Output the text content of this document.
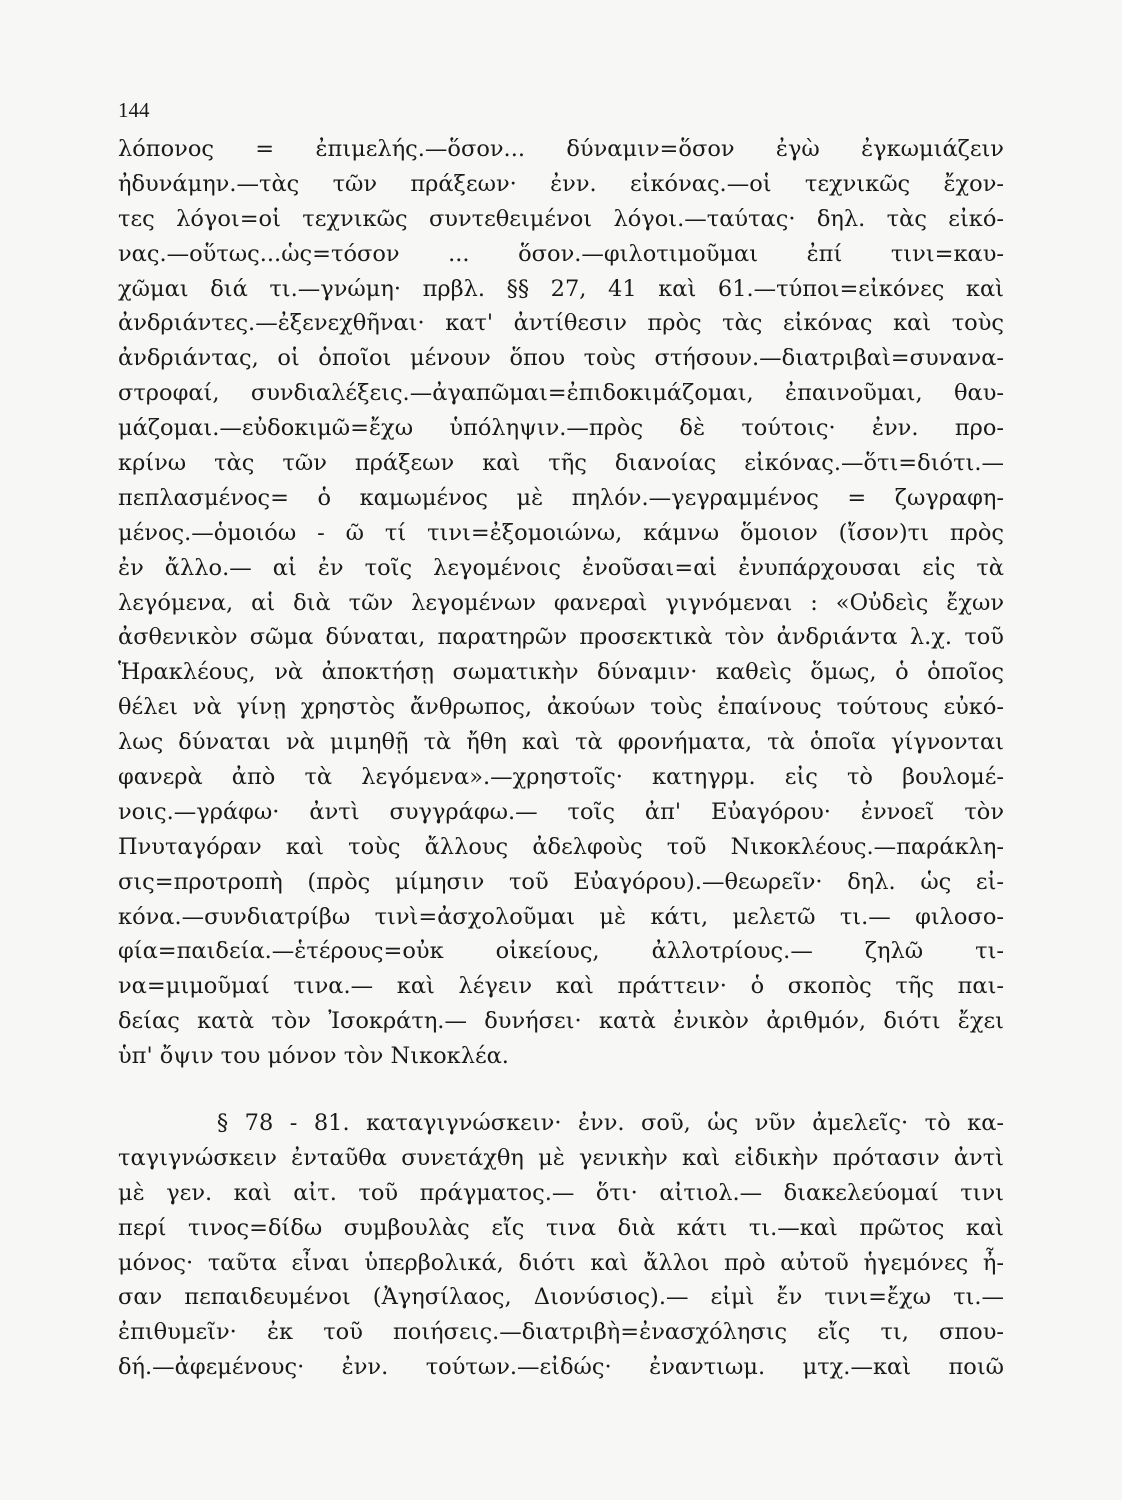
144
λόπονος = ἐπιμελής.—ὅσον... δύναμιν=ὅσον ἐγὼ ἐγκωμιάζειν
ἠδυνάμην.—τὰς τῶν πράξεων· ἐνν. εἰκόνας.—οἱ τεχνικῶς ἔχον-
τες λόγοι=οἱ τεχνικῶς συντεθειμένοι λόγοι.—ταύτας· δηλ. τὰς εἰκό-
νας.—οὕτως...ὡς=τόσον ... ὅσον.—φιλοτιμοῦμαι ἐπί τινι=καυ-
χῶμαι διά τι.—γνώμη· πρβλ. §§ 27, 41 καὶ 61.—τύποι=εἰκόνες καὶ
ἀνδριάντες.—ἐξενεχθῆναι· κατ' ἀντίθεσιν πρὸς τὰς εἰκόνας καὶ τοὺς
ἀνδριάντας, οἱ ὁποῖοι μένουν ὅπου τοὺς στήσουν.—διατριβαὶ=συνανα-
στροφαί, συνδιαλέξεις.—ἀγαπῶμαι=ἐπιδοκιμάζομαι, ἐπαινοῦμαι, θαυ-
μάζομαι.—εὐδοκιμῶ=ἔχω ὑπόληψιν.—πρὸς δὲ τούτοις· ἐνν. προ-
κρίνω τὰς τῶν πράξεων καὶ τῆς διανοίας εἰκόνας.—ὅτι=διότι.—
πεπλασμένος= ὁ καμωμένος μὲ πηλόν.—γεγραμμένος = ζωγραφη-
μένος.—ὁμοιόω - ῶ τί τινι=ἐξομοιώνω, κάμνω ὅμοιον (ἴσον)τι πρὸς
ἐν ἄλλο.— αἱ ἐν τοῖς λεγομένοις ἐνοῦσαι=αἱ ἐνυπάρχουσαι εἰς τὰ
λεγόμενα, αἱ διὰ τῶν λεγομένων φανεραὶ γιγνόμεναι : «Οὐδεὶς ἔχων
ἀσθενικὸν σῶμα δύναται, παρατηρῶν προσεκτικὰ τὸν ἀνδριάντα λ.χ. τοῦ
Ἡρακλέους, νὰ ἀποκτήσῃ σωματικὴν δύναμιν· καθεὶς ὅμως, ὁ ὁποῖος
θέλει νὰ γίνῃ χρηστὸς ἄνθρωπος, ἀκούων τοὺς ἐπαίνους τούτους εὐκό-
λως δύναται νὰ μιμηθῇ τὰ ἤθη καὶ τὰ φρονήματα, τὰ ὁποῖα γίγνονται
φανερὰ ἀπὸ τὰ λεγόμενα».—χρηστοῖς· κατηγρμ. εἰς τὸ βουλομέ-
νοις.—γράφω· ἀντὶ συγγράφω.— τοῖς ἀπ' Εὐαγόρου· ἐννοεῖ τὸν
Πνυταγόραν καὶ τοὺς ἄλλους ἀδελφοὺς τοῦ Νικοκλέους.—παράκλη-
σις=προτροπὴ (πρὸς μίμησιν τοῦ Εὐαγόρου).—θεωρεῖν· δηλ. ὡς εἰ-
κόνα.—συνδιατρίβω τινὶ=ἀσχολοῦμαι μὲ κάτι, μελετῶ τι.— φιλοσο-
φία=παιδεία.—ἑτέρους=οὐκ οἰκείους, ἀλλοτρίους.— ζηλῶ τι-
να=μιμοῦμαί τινα.— καὶ λέγειν καὶ πράττειν· ὁ σκοπὸς τῆς παι-
δείας κατὰ τὸν Ἰσοκράτη.— δυνήσει· κατὰ ἐνικὸν ἀριθμόν, διότι ἔχει
ὑπ' ὄψιν του μόνον τὸν Νικοκλέα.
§ 78 - 81. καταγιγνώσκειν· ἐνν. σοῦ, ὡς νῦν ἀμελεῖς· τὸ κα-
ταγιγνώσκειν ἐνταῦθα συνετάχθη μὲ γενικὴν καὶ εἰδικὴν πρότασιν ἀντὶ
μὲ γεν. καὶ αἰτ. τοῦ πράγματος.— ὅτι· αἰτιολ.— διακελεύομαί τινι
περί τινος=δίδω συμβουλὰς εἴς τινα διὰ κάτι τι.—καὶ πρῶτος καὶ
μόνος· ταῦτα εἶναι ὑπερβολικά, διότι καὶ ἄλλοι πρὸ αὐτοῦ ἡγεμόνες ἦ-
σαν πεπαιδευμένοι (Ἀγησίλαος, Διονύσιος).— εἰμὶ ἔν τινι=ἔχω τι.—
ἐπιθυμεῖν· ἐκ τοῦ ποιήσεις.—διατριβὴ=ἐνασχόλησις εἴς τι, σπου-
δή.—ἀφεμένους· ἐνν. τούτων.—εἰδώς· ἐναντιωμ. μτχ.—καὶ ποιῶ
